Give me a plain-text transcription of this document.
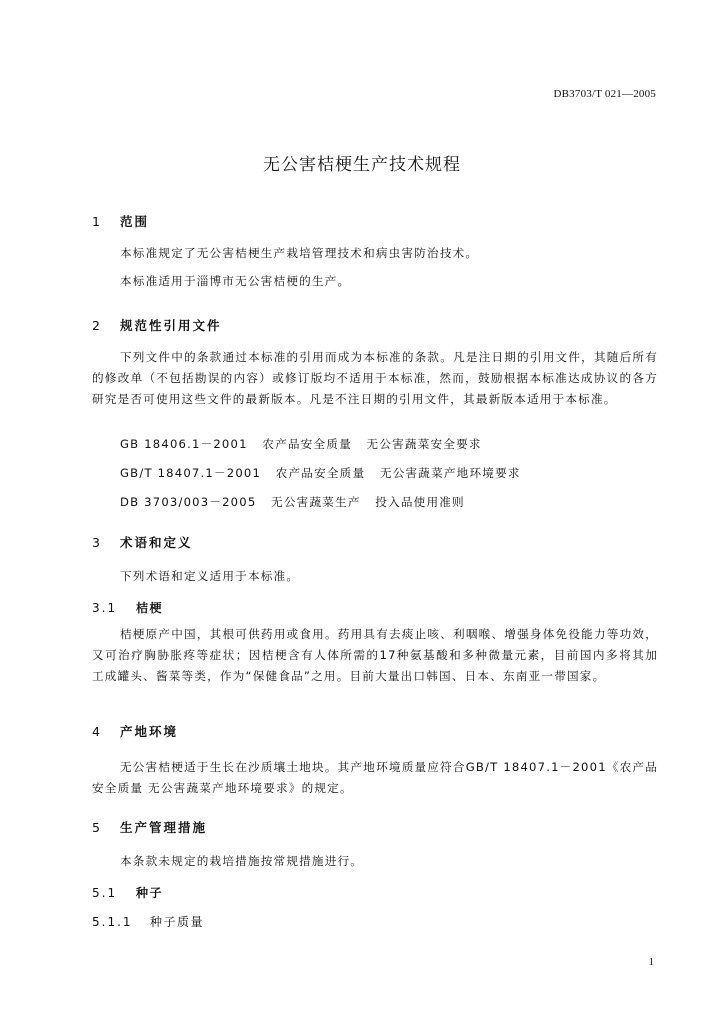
DB3703/T 021—2005
无公害桔梗生产技术规程
1 范围
本标准规定了无公害桔梗生产栽培管理技术和病虫害防治技术。
本标准适用于淄博市无公害桔梗的生产。
2 规范性引用文件
下列文件中的条款通过本标准的引用而成为本标准的条款。凡是注日期的引用文件，其随后所有的修改单（不包括勘误的内容）或修订版均不适用于本标准，然而，鼓励根据本标准达成协议的各方研究是否可使用这些文件的最新版本。凡是不注日期的引用文件，其最新版本适用于本标准。
GB 18406.1－2001   农产品安全质量   无公害蔬菜安全要求
GB/T 18407.1－2001   农产品安全质量   无公害蔬菜产地环境要求
DB 3703/003－2005   无公害蔬菜生产   投入品使用准则
3 术语和定义
下列术语和定义适用于本标准。
3.1 桔梗
桔梗原产中国，其根可供药用或食用。药用具有去痰止咳、利咽喉、增强身体免役能力等功效，又可治疗胸胁胀疼等症状；因桔梗含有人体所需的17种氨基酸和多种微量元素，目前国内多将其加工成罐头、酱菜等类，作为“保健食品”之用。目前大量出口韩国、日本、东南亚一带国家。
4 产地环境
无公害桔梗适于生长在沙质壤土地块。其产地环境质量应符合GB/T 18407.1－2001《农产品安全质量 无公害蔬菜产地环境要求》的规定。
5 生产管理措施
本条款未规定的栽培措施按常规措施进行。
5.1 种子
5.1.1 种子质量
1
